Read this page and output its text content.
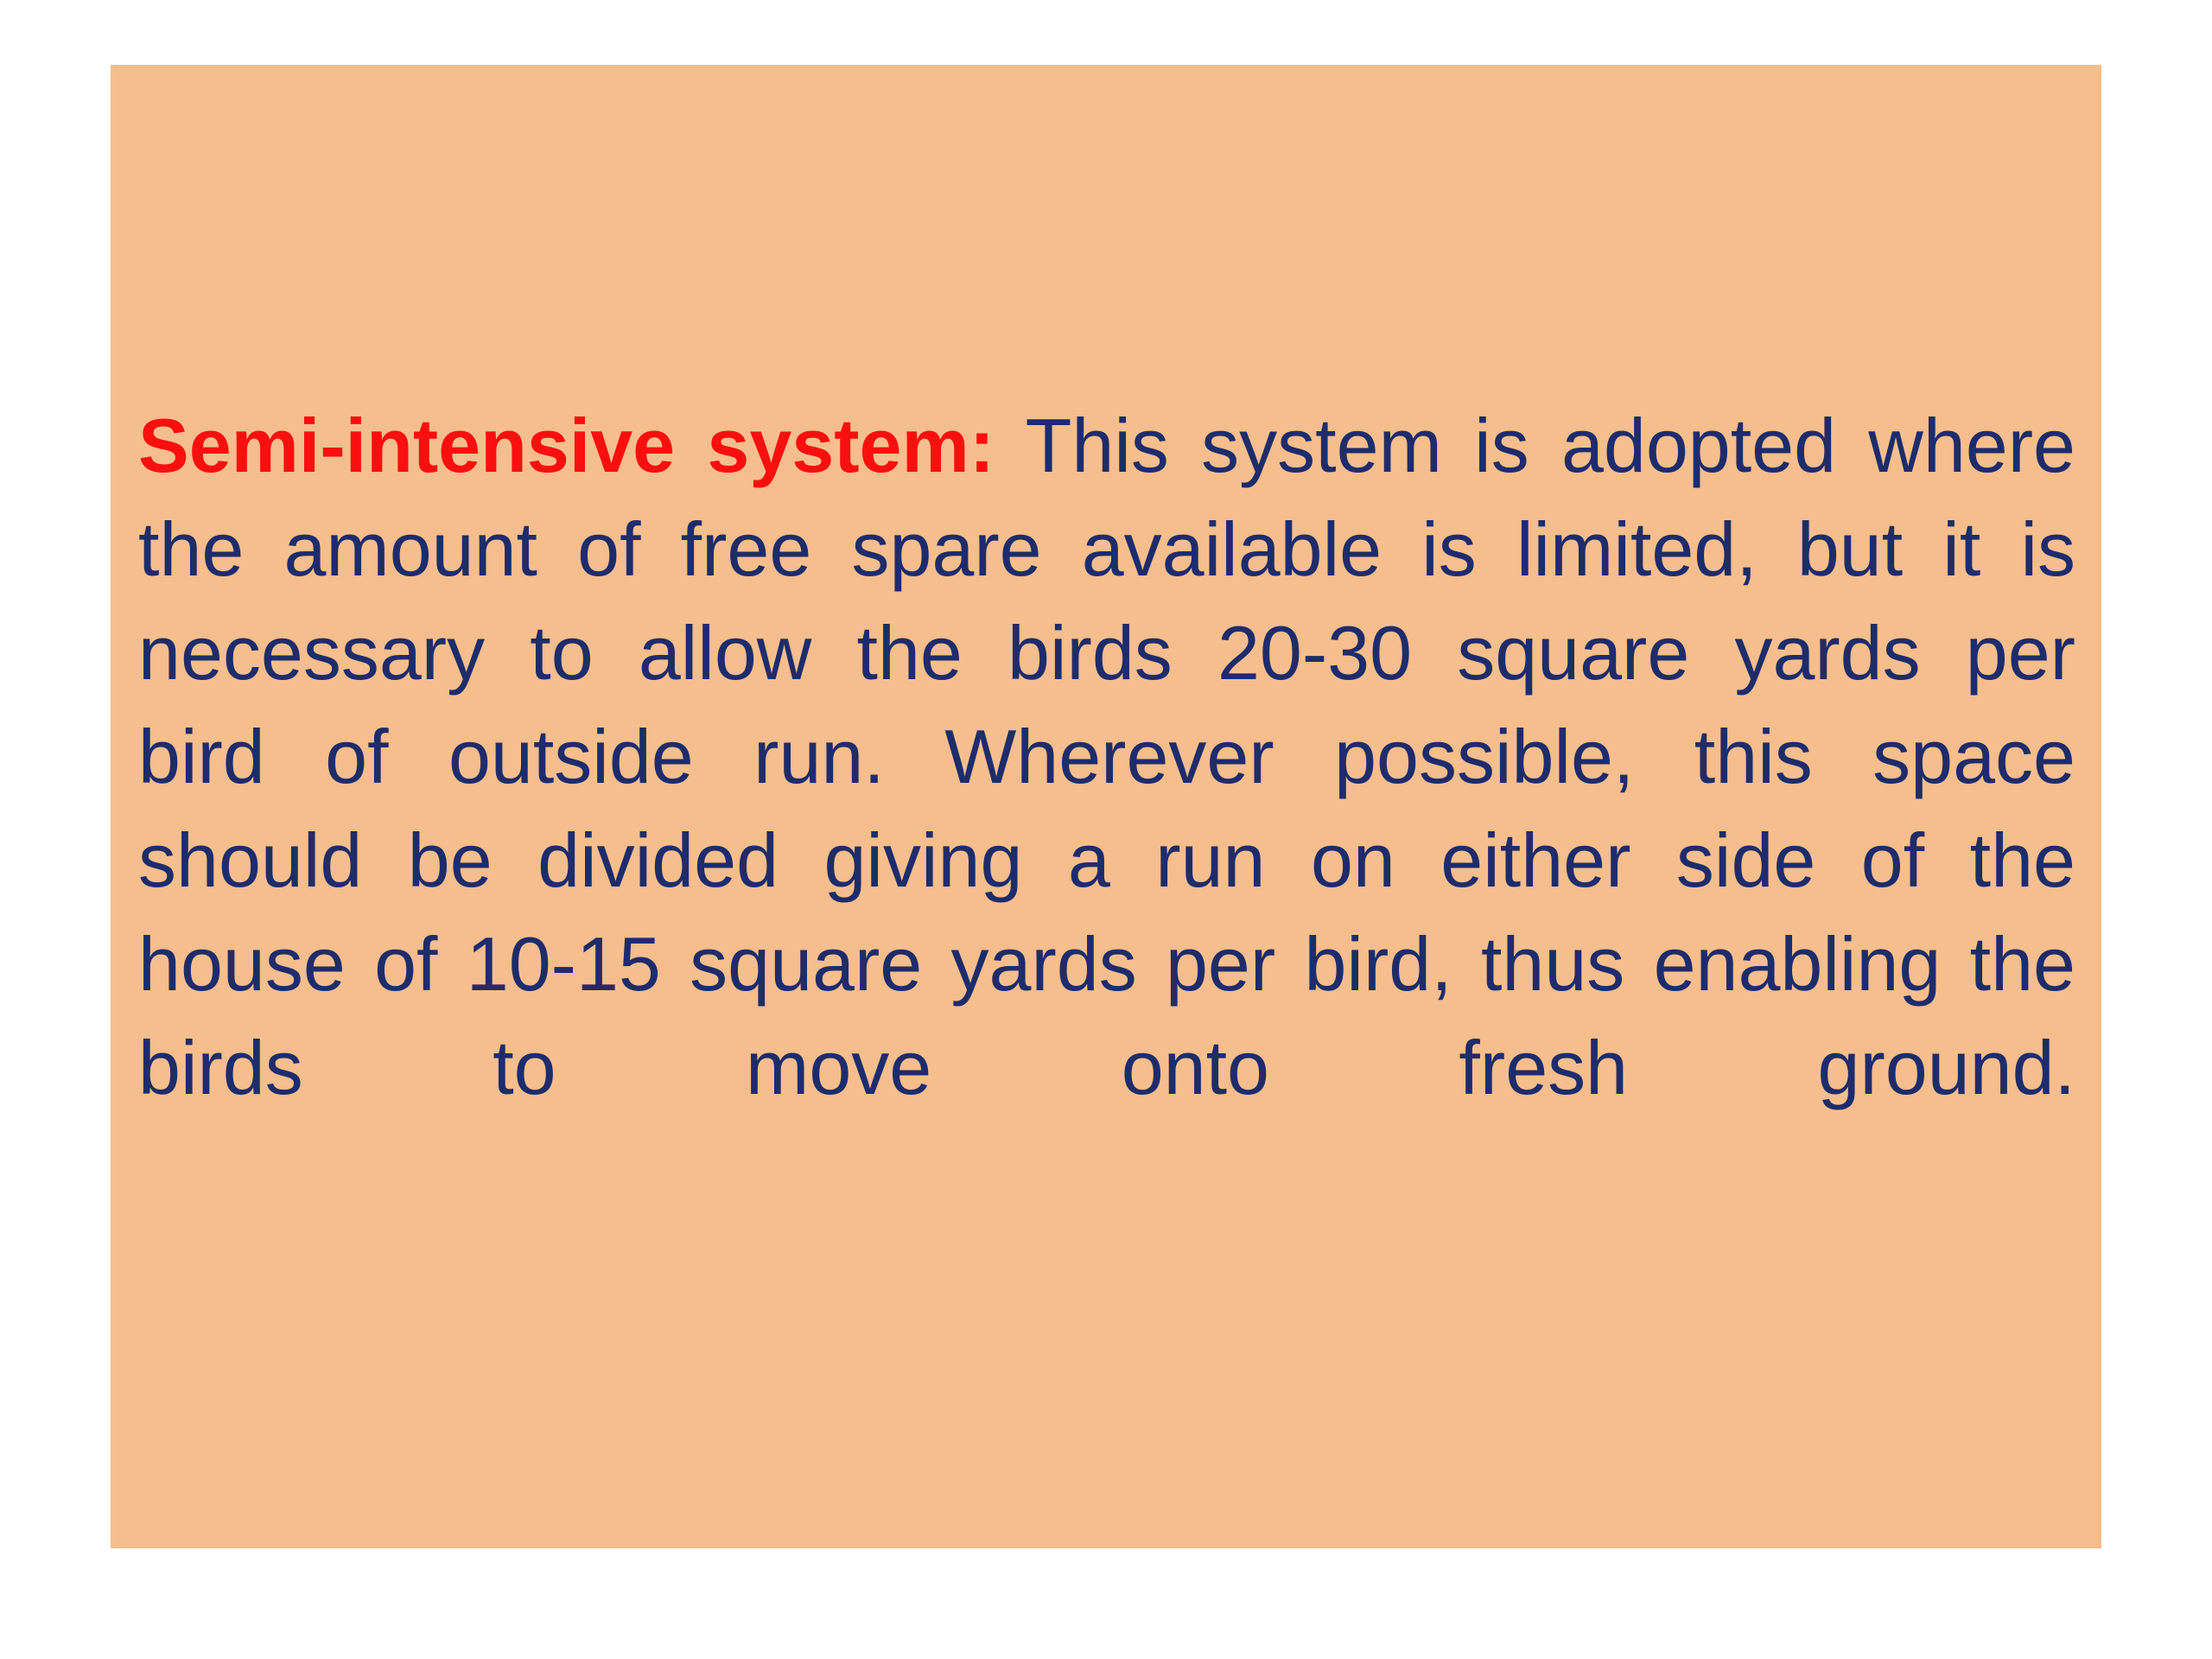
Semi-intensive system: This system is adopted where
the amount of free spare available is limited, but it is
necessary to allow the birds 20-30 square yards per
bird of outside run. Wherever possible, this space
should be divided giving a run on either side of the
house of 10-15 square yards per bird, thus enabling the
birds to move onto fresh ground.
